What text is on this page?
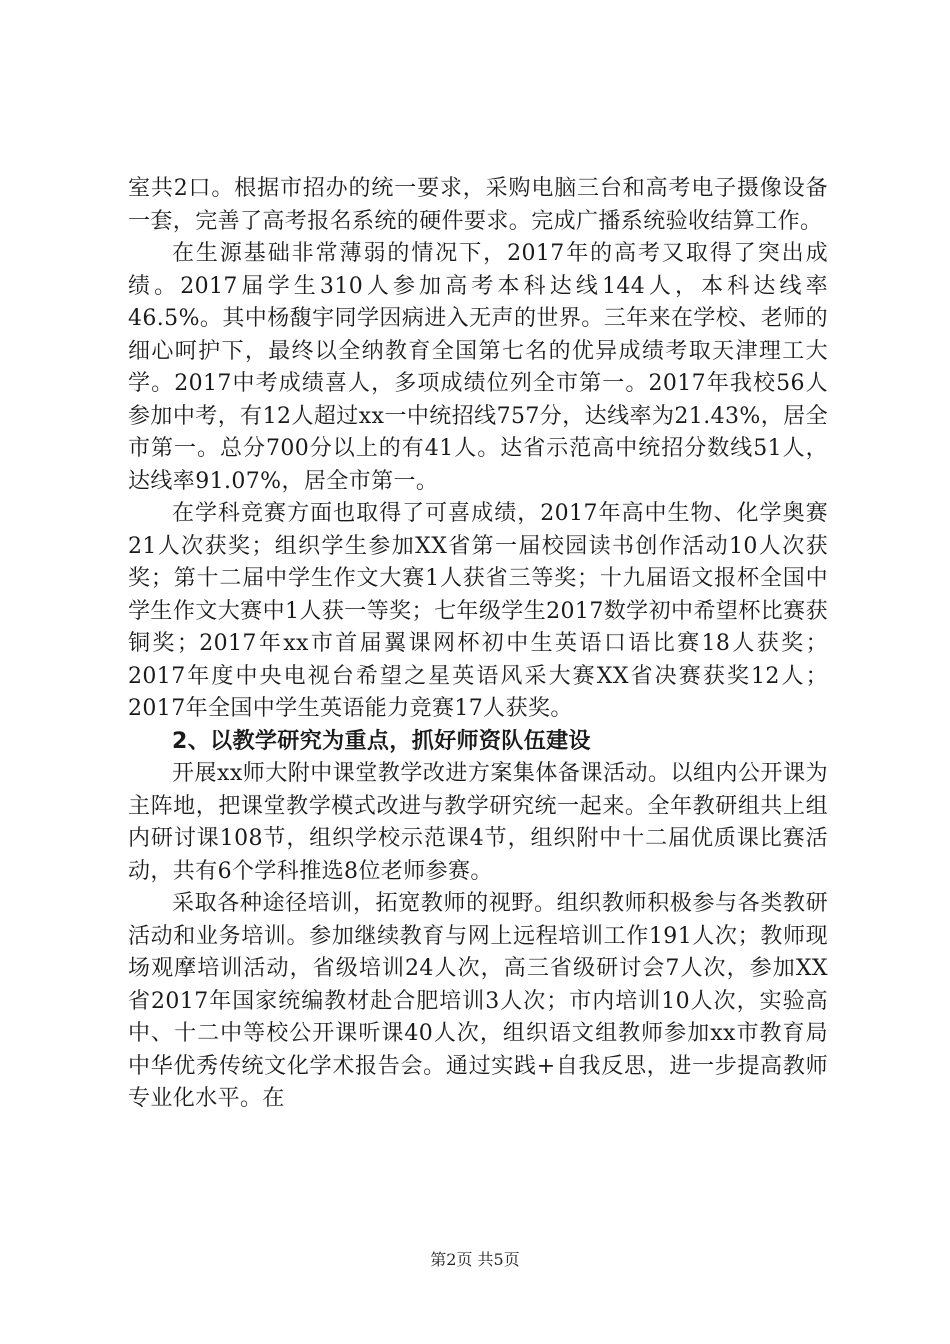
室共2口。根据市招办的统一要求，采购电脑三台和高考电子摄像设备一套，完善了高考报名系统的硬件要求。完成广播系统验收结算工作。

在生源基础非常薄弱的情况下，2017年的高考又取得了突出成绩。2017届学生310人参加高考本科达线144人，本科达线率46.5%。其中杨馥宇同学因病进入无声的世界。三年来在学校、老师的细心呵护下，最终以全纳教育全国第七名的优异成绩考取天津理工大学。2017中考成绩喜人，多项成绩位列全市第一。2017年我校56人参加中考，有12人超过xx一中统招线757分，达线率为21.43%，居全市第一。总分700分以上的有41人。达省示范高中统招分数线51人，达线率91.07%，居全市第一。

在学科竞赛方面也取得了可喜成绩，2017年高中生物、化学奥赛21人次获奖；组织学生参加XX省第一届校园读书创作活动10人次获奖；第十二届中学生作文大赛1人获省三等奖；十九届语文报杯全国中学生作文大赛中1人获一等奖；七年级学生2017数学初中希望杯比赛获铜奖；2017年xx市首届翼课网杯初中生英语口语比赛18人获奖；2017年度中央电视台希望之星英语风采大赛XX省决赛获奖12人；2017年全国中学生英语能力竞赛17人获奖。

2、以教学研究为重点，抓好师资队伍建设

开展xx师大附中课堂教学改进方案集体备课活动。以组内公开课为主阵地，把课堂教学模式改进与教学研究统一起来。全年教研组共上组内研讨课108节，组织学校示范课4节，组织附中十二届优质课比赛活动，共有6个学科推选8位老师参赛。

采取各种途径培训，拓宽教师的视野。组织教师积极参与各类教研活动和业务培训。参加继续教育与网上远程培训工作191人次；教师现场观摩培训活动，省级培训24人次，高三省级研讨会7人次，参加XX省2017年国家统编教材赴合肥培训3人次；市内培训10人次，实验高中、十二中等校公开课听课40人次，组织语文组教师参加xx市教育局中华优秀传统文化学术报告会。通过实践+自我反思，进一步提高教师专业化水平。在

第2页 共5页
